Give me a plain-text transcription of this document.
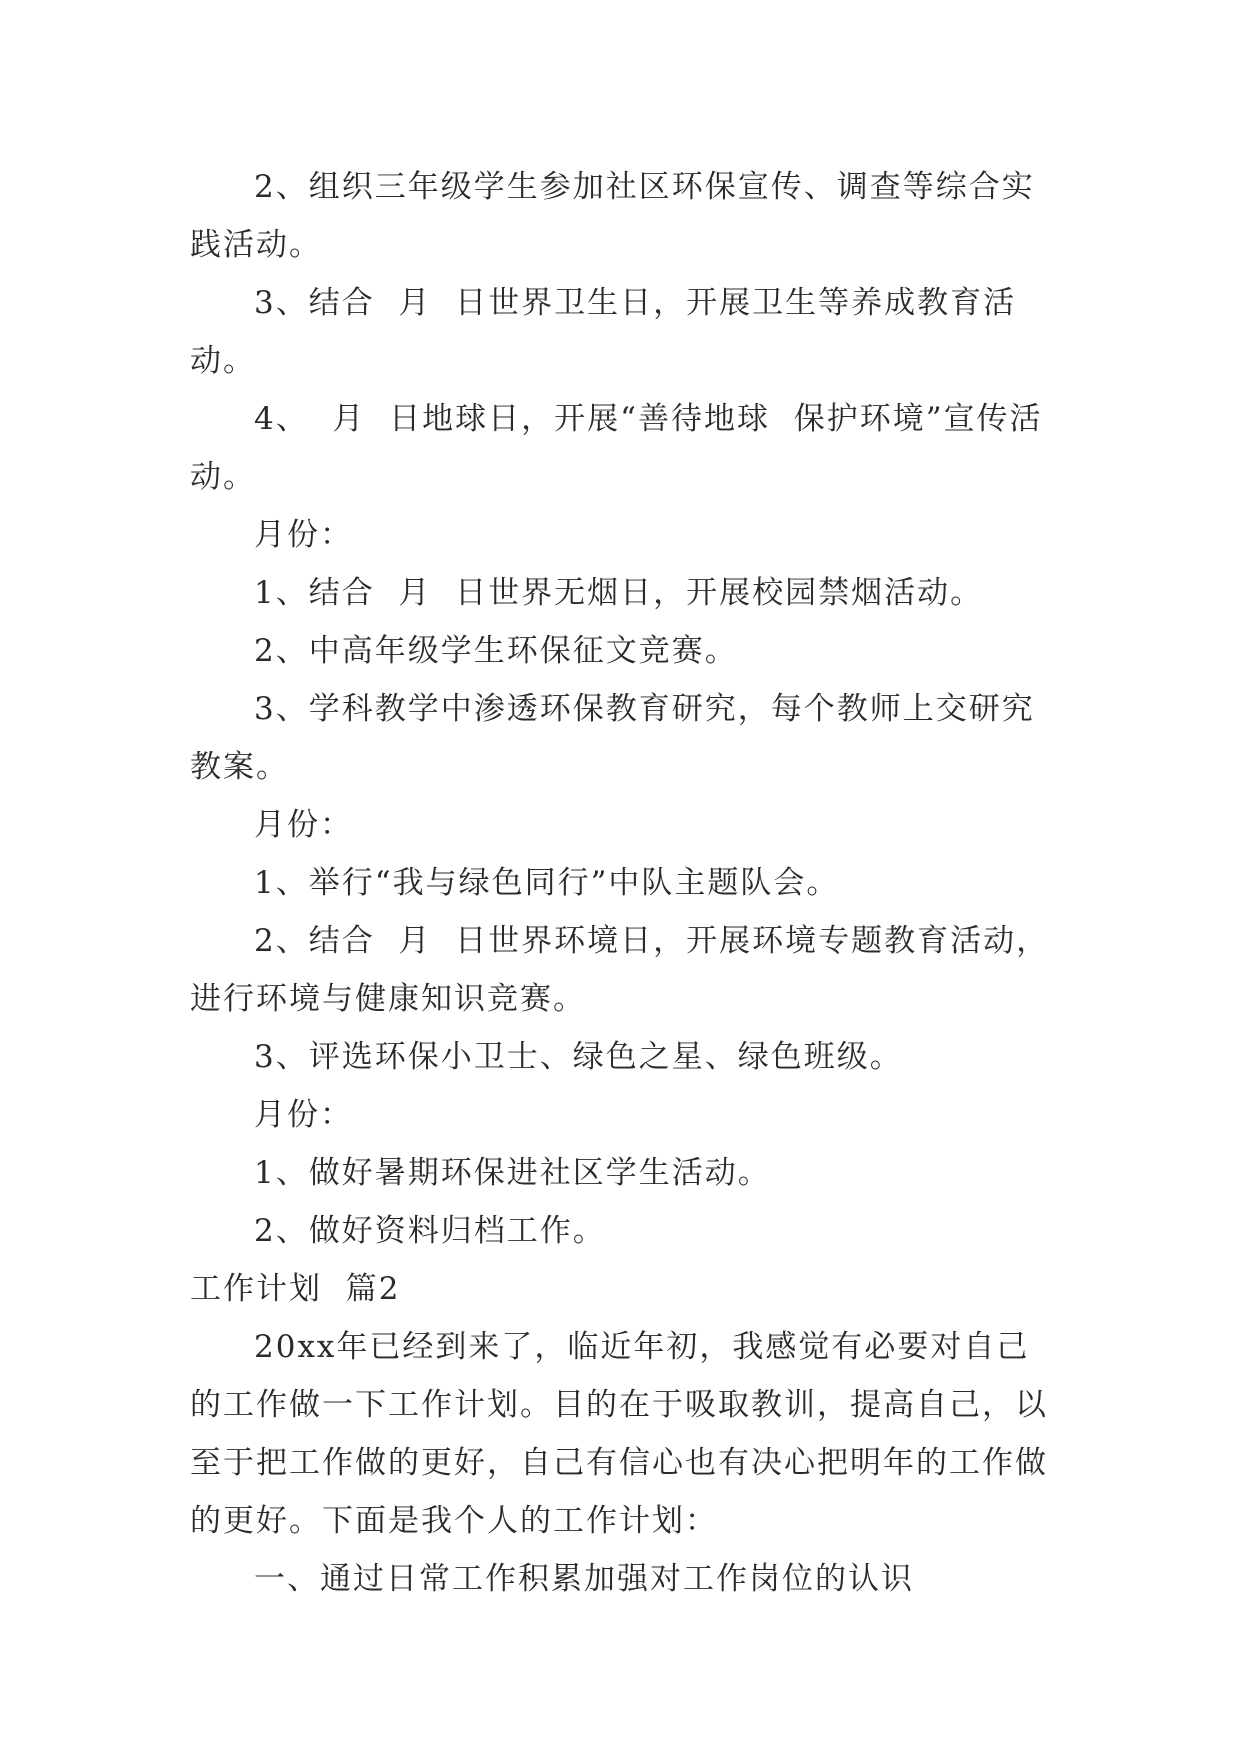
2、组织三年级学生参加社区环保宣传、调查等综合实践活动。

3、结合  月  日世界卫生日，开展卫生等养成教育活动。

4、  月  日地球日，开展“善待地球  保护环境”宣传活动。

月份：

1、结合  月  日世界无烟日，开展校园禁烟活动。

2、中高年级学生环保征文竞赛。

3、学科教学中渗透环保教育研究，每个教师上交研究教案。

月份：

1、举行“我与绿色同行”中队主题队会。

2、结合  月  日世界环境日，开展环境专题教育活动，进行环境与健康知识竞赛。

3、评选环保小卫士、绿色之星、绿色班级。

月份：

1、做好暑期环保进社区学生活动。

2、做好资料归档工作。

工作计划  篇2

20xx年已经到来了，临近年初，我感觉有必要对自己的工作做一下工作计划。目的在于吸取教训，提高自己，以至于把工作做的更好，自己有信心也有决心把明年的工作做的更好。下面是我个人的工作计划：

一、通过日常工作积累加强对工作岗位的认识
